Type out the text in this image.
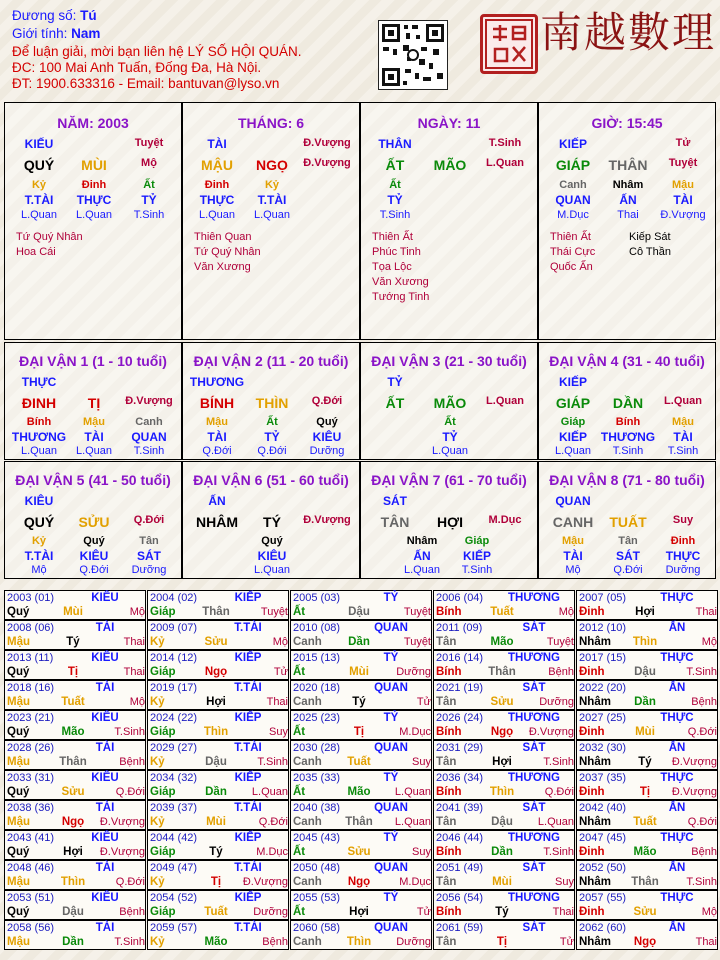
Đương số: Tú
Giới tính: Nam
Để luận giải, mời bạn liên hệ LÝ SỐ HỘI QUÁN.
ĐC: 100 Mai Anh Tuấn, Đống Đa, Hà Nội.
ĐT: 1900.633316 - Email: bantuvan@lyso.vn
南越數理
2003 (01)	KIÊU
Quý	Mùi	Mộ
2004 (02)	KIẾP
Giáp	Thân	Tuyệt
2005 (03)	TỶ
Ất	Dậu	Tuyệt
2006 (04)	THƯƠNG
Bính	Tuất	Mộ
2007 (05)	THỰC
Đinh	Hợi	Thai
2008 (06)	TÀI
Mậu	Tý	Thai
2009 (07)	T.TÀI
Kỷ	Sửu	Mộ
2010 (08)	QUAN
Canh	Dần	Tuyệt
2011 (09)	SÁT
Tân	Mão	Tuyệt
2012 (10)	ẤN
Nhâm	Thìn	Mộ
2013 (11)	KIÊU
Quý	Tị	Thai
2014 (12)	KIẾP
Giáp	Ngọ	Tử
2015 (13)	TỶ
Ất	Mùi	Dưỡng
2016 (14)	THƯƠNG
Bính	Thân	Bệnh
2017 (15)	THỰC
Đinh	Dậu	T.Sinh
2018 (16)	TÀI
Mậu	Tuất	Mộ
2019 (17)	T.TÀI
Kỷ	Hợi	Thai
2020 (18)	QUAN
Canh	Tý	Tử
2021 (19)	SÁT
Tân	Sửu	Dưỡng
2022 (20)	ẤN
Nhâm	Dần	Bệnh
2023 (21)	KIÊU
Quý	Mão	T.Sinh
2024 (22)	KIẾP
Giáp	Thìn	Suy
2025 (23)	TỶ
Ất	Tị	M.Dục
2026 (24)	THƯƠNG
Bính	Ngọ	Đ.Vượng
2027 (25)	THỰC
Đinh	Mùi	Q.Đới
2028 (26)	TÀI
Mậu	Thân	Bệnh
2029 (27)	T.TÀI
Kỷ	Dậu	T.Sinh
2030 (28)	QUAN
Canh	Tuất	Suy
2031 (29)	SÁT
Tân	Hợi	T.Sinh
2032 (30)	ẤN
Nhâm	Tý	Đ.Vượng
2033 (31)	KIÊU
Quý	Sửu	Q.Đới
2034 (32)	KIẾP
Giáp	Dần	L.Quan
2035 (33)	TỶ
Ất	Mão	L.Quan
2036 (34)	THƯƠNG
Bính	Thìn	Q.Đới
2037 (35)	THỰC
Đinh	Tị	Đ.Vượng
2038 (36)	TÀI
Mậu	Ngọ	Đ.Vượng
2039 (37)	T.TÀI
Kỷ	Mùi	Q.Đới
2040 (38)	QUAN
Canh	Thân	L.Quan
2041 (39)	SÁT
Tân	Dậu	L.Quan
2042 (40)	ẤN
Nhâm	Tuất	Q.Đới
2043 (41)	KIÊU
Quý	Hợi	Đ.Vượng
2044 (42)	KIẾP
Giáp	Tý	M.Dục
2045 (43)	TỶ
Ất	Sửu	Suy
2046 (44)	THƯƠNG
Bính	Dần	T.Sinh
2047 (45)	THỰC
Đinh	Mão	Bệnh
2048 (46)	TÀI
Mậu	Thìn	Q.Đới
2049 (47)	T.TÀI
Kỷ	Tị	Đ.Vượng
2050 (48)	QUAN
Canh	Ngọ	M.Dục
2051 (49)	SÁT
Tân	Mùi	Suy
2052 (50)	ẤN
Nhâm	Thân	T.Sinh
2053 (51)	KIÊU
Quý	Dậu	Bệnh
2054 (52)	KIẾP
Giáp	Tuất	Dưỡng
2055 (53)	TỶ
Ất	Hợi	Tử
2056 (54)	THƯƠNG
Bính	Tý	Thai
2057 (55)	THỰC
Đinh	Sửu	Mộ
2058 (56)	TÀI
Mậu	Dần	T.Sinh
2059 (57)	T.TÀI
Kỷ	Mão	Bệnh
2060 (58)	QUAN
Canh	Thìn	Dưỡng
2061 (59)	SÁT
Tân	Tị	Tử
2062 (60)	ẤN
Nhâm	Ngọ	Thai
NĂM: 2003
KIẾU	Tuyệt
QUÝ	MÙI	Mộ
Kỷ
T.TÀI
L.Quan
Đinh
THỰC
L.Quan
Ất
TỶ
T.Sinh
Tứ Quý Nhân
Hoa Cái
THÁNG: 6
TÀI	Đ.Vượng
MẬU	NGỌ	Đ.Vượng
Đinh
THỰC
L.Quan
Kỷ
T.TÀI
L.Quan
Thiên Quan
Tứ Quý Nhân
Văn Xương
NGÀY: 11
THÂN	T.Sinh
ẤT	MÃO	L.Quan
Ất
TỶ
T.Sinh
Thiên Ất
Phúc Tinh
Tọa Lộc
Văn Xương
Tướng Tinh
GIỜ: 15:45
KIẾP	Tử
GIÁP	THÂN	Tuyệt
Canh
QUAN
M.Dục
Nhâm
ẤN
Thai
Mậu
TÀI
Đ.Vượng
Thiên Ất
Thái Cực
Quốc Ấn
Kiếp Sát
Cô Thần
ĐẠI VẬN 1 (1 - 10 tuổi)
THỰC
ĐINH	TỊ	Đ.Vượng
Bính
THƯƠNG
L.Quan
Mậu
TÀI
L.Quan
Canh
QUAN
T.Sinh
ĐẠI VẬN 2 (11 - 20 tuổi)
THƯƠNG
BÍNH	THÌN	Q.Đới
Mậu
TÀI
Q.Đới
Ất
TỶ
Q.Đới
Quý
KIÊU
Dưỡng
ĐẠI VẬN 3 (21 - 30 tuổi)
TỶ
ẤT	MÃO	L.Quan
Ất
TỶ
L.Quan
ĐẠI VẬN 4 (31 - 40 tuổi)
KIẾP
GIÁP	DẦN	L.Quan
Giáp
KIẾP
L.Quan
Bính
THƯƠNG
T.Sinh
Mậu
TÀI
T.Sinh
ĐẠI VẬN 5 (41 - 50 tuổi)
KIÊU
QUÝ	SỬU	Q.Đới
Kỷ
T.TÀI
Mộ
Quý
KIÊU
Q.Đới
Tân
SÁT
Dưỡng
ĐẠI VẬN 6 (51 - 60 tuổi)
ẤN
NHÂM	TÝ	Đ.Vượng
Quý
KIÊU
L.Quan
ĐẠI VẬN 7 (61 - 70 tuổi)
SÁT
TÂN	HỢI	M.Dục
Nhâm
ẤN
L.Quan
Giáp
KIẾP
T.Sinh
ĐẠI VẬN 8 (71 - 80 tuổi)
QUAN
CANH	TUẤT	Suy
Mậu
TÀI
Mộ
Tân
SÁT
Q.Đới
Đinh
THỰC
Dưỡng
